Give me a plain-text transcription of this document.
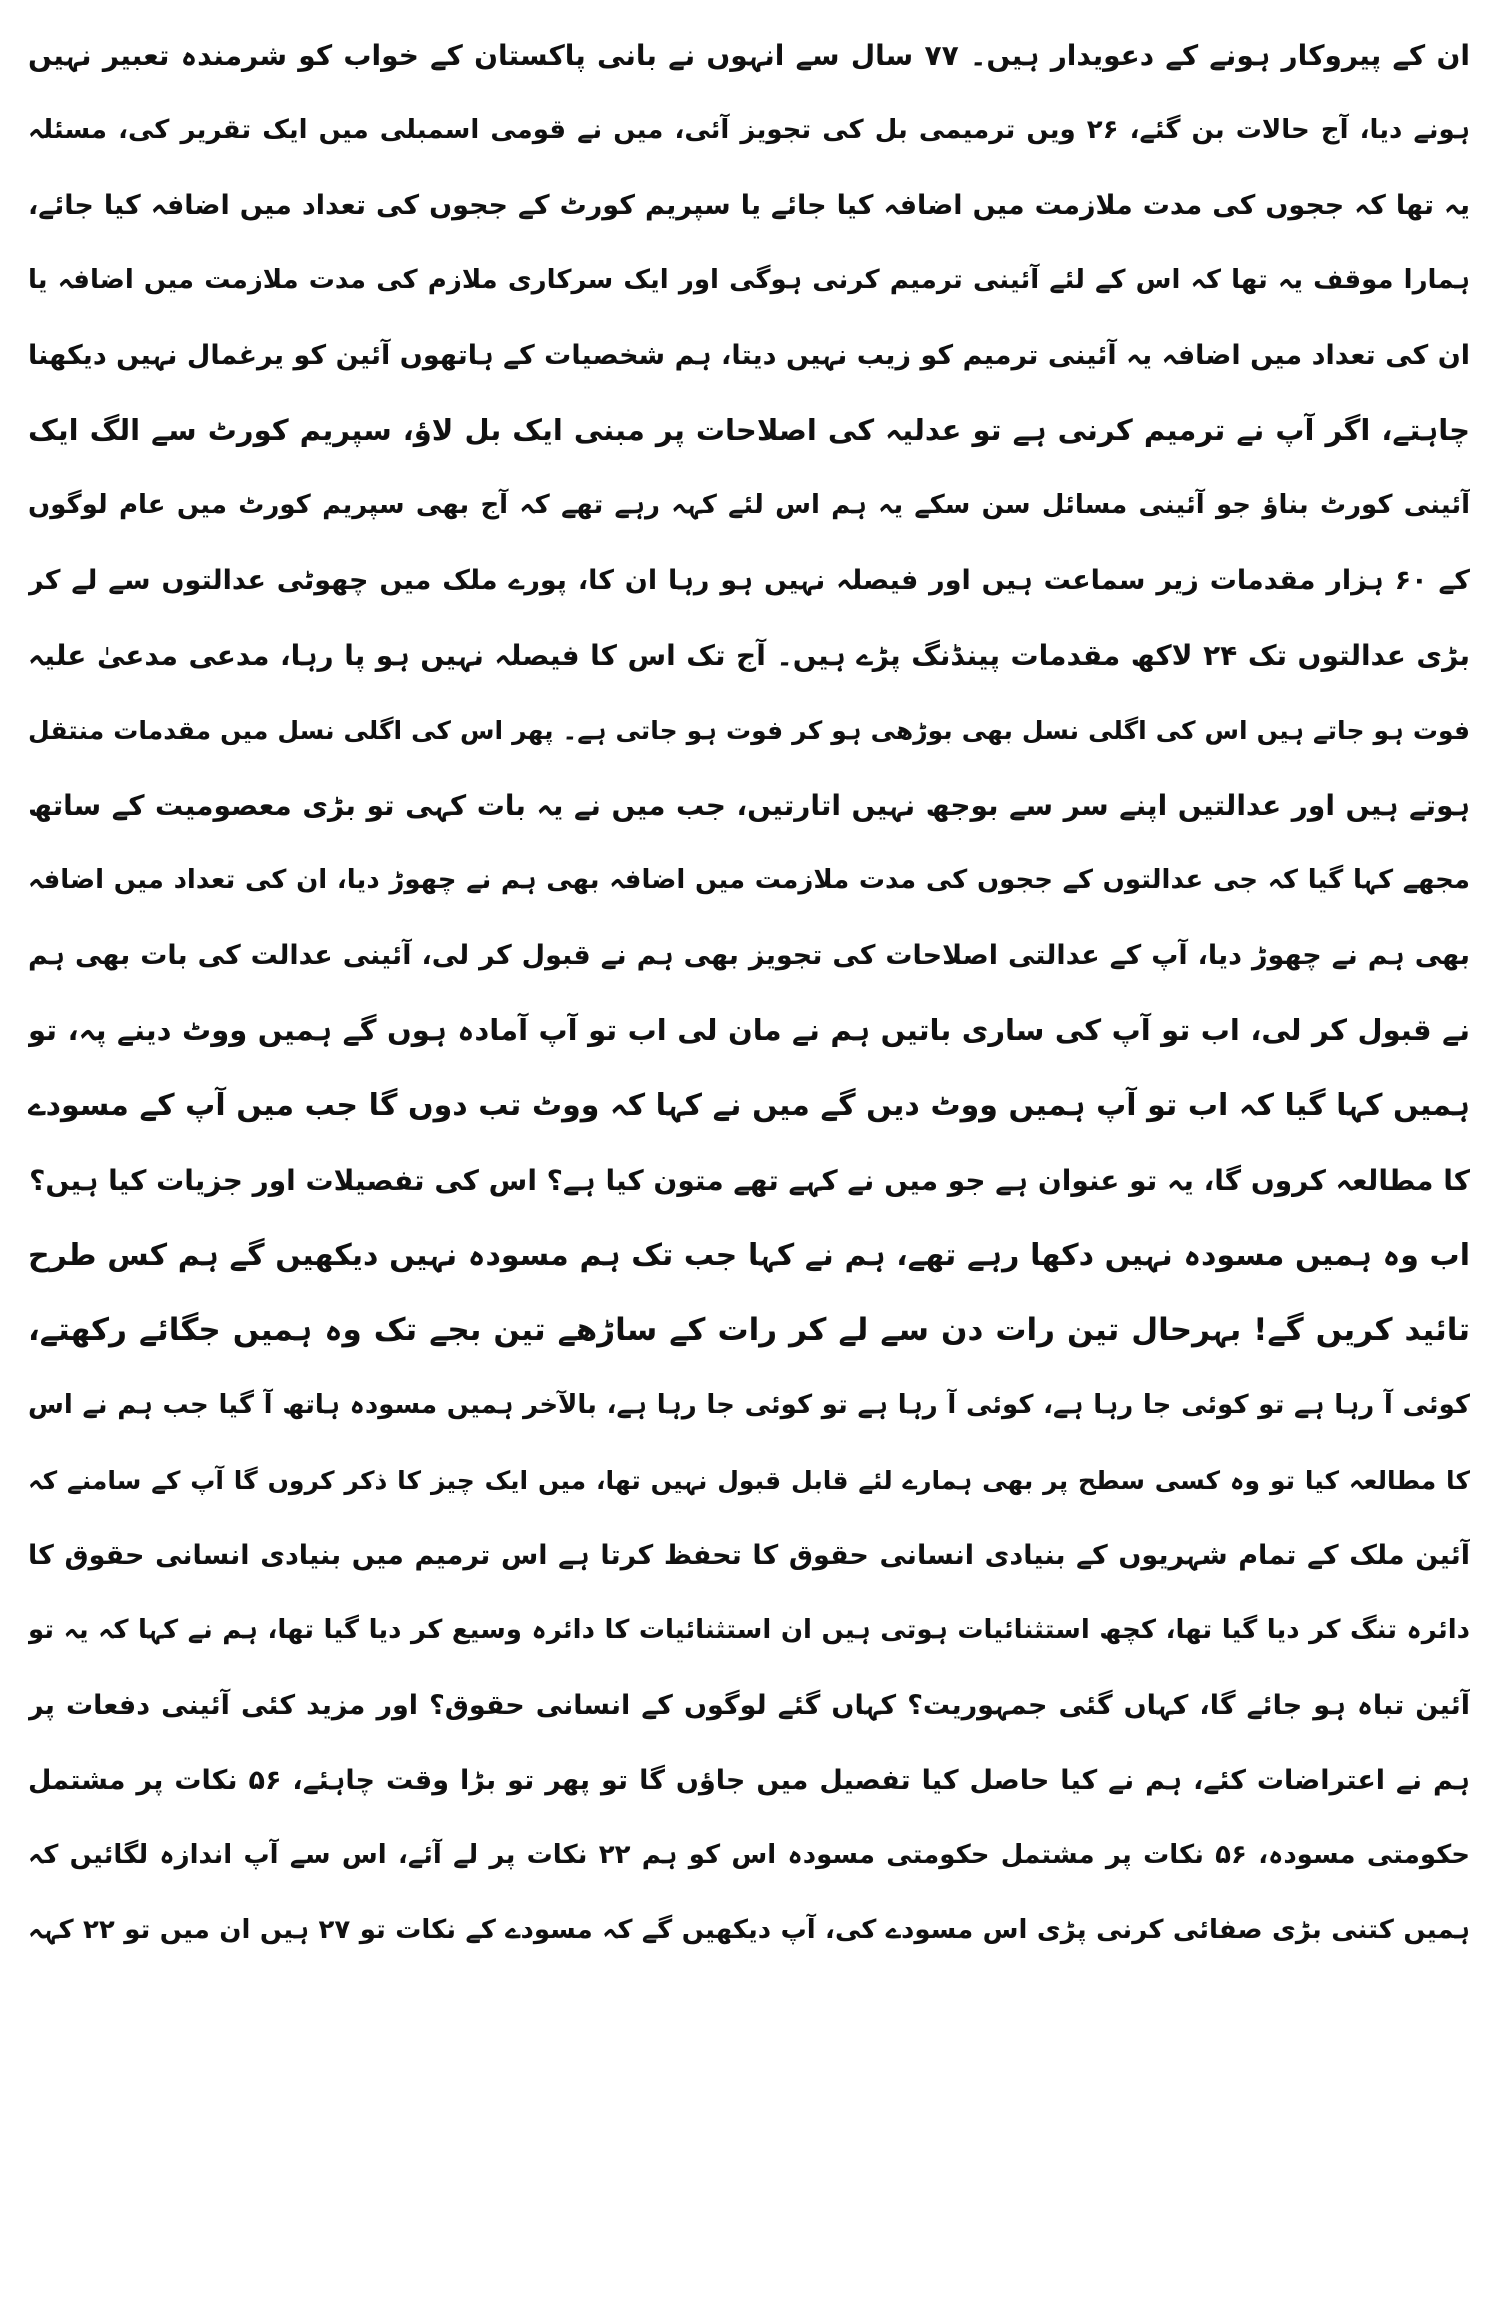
ان کے پیروکار ہونے کے دعویدار ہیں۔ ۷۷ سال سے انہوں نے بانی پاکستان کے خواب کو شرمندہ تعبیر نہیں
ہونے دیا، آج حالات بن گئے، ۲۶ ویں ترمیمی بل کی تجویز آئی، میں نے قومی اسمبلی میں ایک تقریر کی، مسئلہ
یہ تھا کہ ججوں کی مدت ملازمت میں اضافہ کیا جائے یا سپریم کورٹ کے ججوں کی تعداد میں اضافہ کیا جائے،
ہمارا موقف یہ تھا کہ اس کے لئے آئینی ترمیم کرنی ہوگی اور ایک سرکاری ملازم کی مدت ملازمت میں اضافہ یا
ان کی تعداد میں اضافہ یہ آئینی ترمیم کو زیب نہیں دیتا، ہم شخصیات کے ہاتھوں آئین کو یرغمال نہیں دیکھنا
چاہتے، اگر آپ نے ترمیم کرنی ہے تو عدلیہ کی اصلاحات پر مبنی ایک بل لاؤ، سپریم کورٹ سے الگ ایک
آئینی کورٹ بناؤ جو آئینی مسائل سن سکے یہ ہم اس لئے کہہ رہے تھے کہ آج بھی سپریم کورٹ میں عام لوگوں
کے ۶۰ ہزار مقدمات زیر سماعت ہیں اور فیصلہ نہیں ہو رہا ان کا، پورے ملک میں چھوٹی عدالتوں سے لے کر
بڑی عدالتوں تک ۲۴ لاکھ مقدمات پینڈنگ پڑے ہیں۔ آج تک اس کا فیصلہ نہیں ہو پا رہا، مدعی مدعیٰ علیہ
فوت ہو جاتے ہیں اس کی اگلی نسل بھی بوڑھی ہو کر فوت ہو جاتی ہے۔ پھر اس کی اگلی نسل میں مقدمات منتقل
ہوتے ہیں اور عدالتیں اپنے سر سے بوجھ نہیں اتارتیں، جب میں نے یہ بات کہی تو بڑی معصومیت کے ساتھ
مجھے کہا گیا کہ جی عدالتوں کے ججوں کی مدت ملازمت میں اضافہ بھی ہم نے چھوڑ دیا، ان کی تعداد میں اضافہ
بھی ہم نے چھوڑ دیا، آپ کے عدالتی اصلاحات کی تجویز بھی ہم نے قبول کر لی، آئینی عدالت کی بات بھی ہم
نے قبول کر لی، اب تو آپ کی ساری باتیں ہم نے مان لی اب تو آپ آمادہ ہوں گے ہمیں ووٹ دینے پہ، تو
ہمیں کہا گیا کہ اب تو آپ ہمیں ووٹ دیں گے میں نے کہا کہ ووٹ تب دوں گا جب میں آپ کے مسودے
کا مطالعہ کروں گا، یہ تو عنوان ہے جو میں نے کہے تھے متون کیا ہے؟ اس کی تفصیلات اور جزیات کیا ہیں؟
اب وہ ہمیں مسودہ نہیں دکھا رہے تھے، ہم نے کہا جب تک ہم مسودہ نہیں دیکھیں گے ہم کس طرح
تائید کریں گے! بہرحال تین رات دن سے لے کر رات کے ساڑھے تین بجے تک وہ ہمیں جگائے رکھتے،
کوئی آ رہا ہے تو کوئی جا رہا ہے، کوئی آ رہا ہے تو کوئی جا رہا ہے، بالآخر ہمیں مسودہ ہاتھ آ گیا جب ہم نے اس
کا مطالعہ کیا تو وہ کسی سطح پر بھی ہمارے لئے قابل قبول نہیں تھا، میں ایک چیز کا ذکر کروں گا آپ کے سامنے کہ
آئین ملک کے تمام شہریوں کے بنیادی انسانی حقوق کا تحفظ کرتا ہے اس ترمیم میں بنیادی انسانی حقوق کا
دائرہ تنگ کر دیا گیا تھا، کچھ استثنائیات ہوتی ہیں ان استثنائیات کا دائرہ وسیع کر دیا گیا تھا، ہم نے کہا کہ یہ تو
آئین تباہ ہو جائے گا، کہاں گئی جمہوریت؟ کہاں گئے لوگوں کے انسانی حقوق؟ اور مزید کئی آئینی دفعات پر
ہم نے اعتراضات کئے، ہم نے کیا حاصل کیا تفصیل میں جاؤں گا تو پھر تو بڑا وقت چاہئے، ۵۶ نکات پر مشتمل
حکومتی مسودہ، ۵۶ نکات پر مشتمل حکومتی مسودہ اس کو ہم ۲۲ نکات پر لے آئے، اس سے آپ اندازہ لگائیں کہ
ہمیں کتنی بڑی صفائی کرنی پڑی اس مسودے کی، آپ دیکھیں گے کہ مسودے کے نکات تو ۲۷ ہیں ان میں تو ۲۲ کہہ
